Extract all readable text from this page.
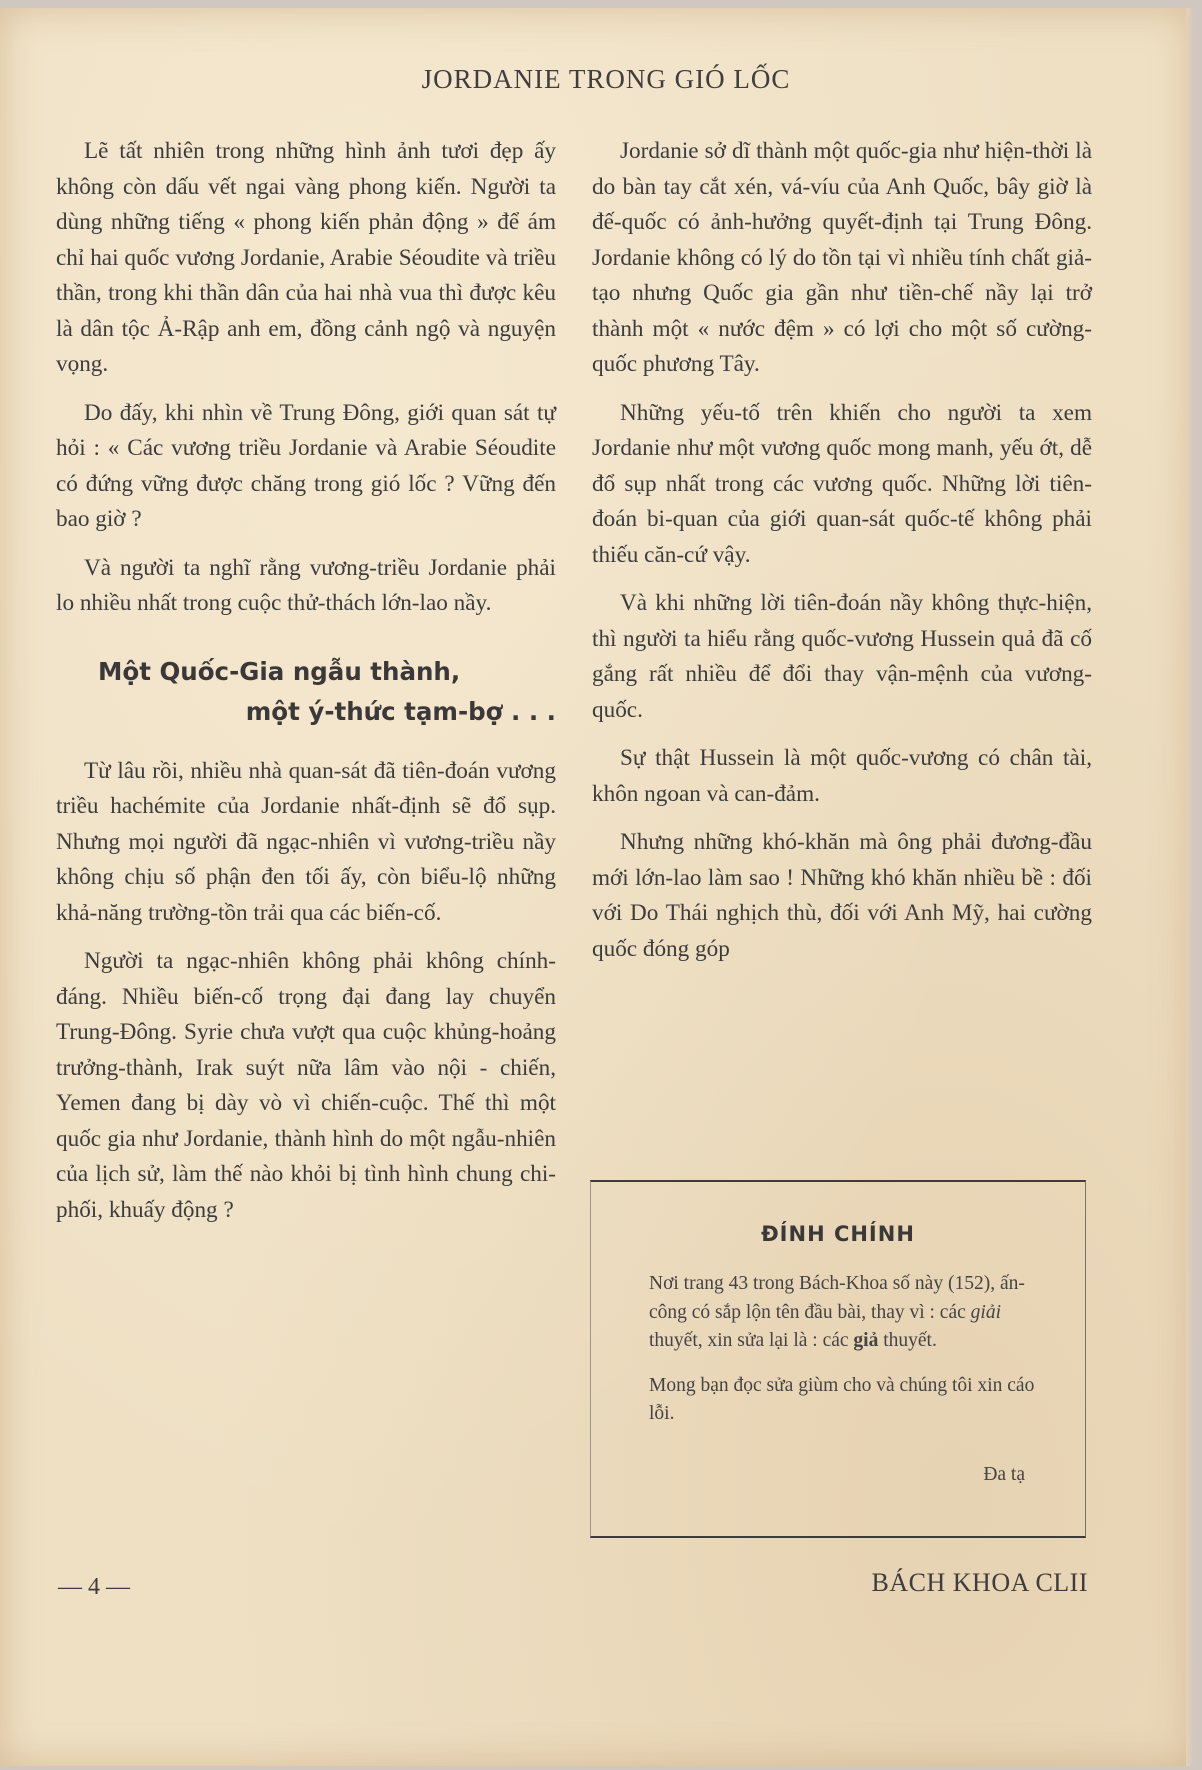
JORDANIE TRONG GIÓ LỐC

Lẽ tất nhiên trong những hình ảnh tươi đẹp ấy không còn dấu vết ngai vàng phong kiến. Người ta dùng những tiếng « phong kiến phản động » để ám chỉ hai quốc vương Jordanie, Arabie Séoudite và triều thần, trong khi thần dân của hai nhà vua thì được kêu là dân tộc Ả-Rập anh em, đồng cảnh ngộ và nguyện vọng.

Do đấy, khi nhìn về Trung Đông, giới quan sát tự hỏi : « Các vương triều Jordanie và Arabie Séoudite có đứng vững được chăng trong gió lốc ? Vững đến bao giờ ?

Và người ta nghĩ rằng vương-triều Jordanie phải lo nhiều nhất trong cuộc thử-thách lớn-lao nầy.

Một Quốc-Gia ngẫu thành,
một ý-thức tạm-bợ . . .

Từ lâu rồi, nhiều nhà quan-sát đã tiên-đoán vương triều hachémite của Jordanie nhất-định sẽ đổ sụp. Nhưng mọi người đã ngạc-nhiên vì vương-triều nầy không chịu số phận đen tối ấy, còn biểu-lộ những khả-năng trường-tồn trải qua các biến-cố.

Người ta ngạc-nhiên không phải không chính-đáng. Nhiều biến-cố trọng đại đang lay chuyển Trung-Đông. Syrie chưa vượt qua cuộc khủng-hoảng trưởng-thành, Irak suýt nữa lâm vào nội - chiến, Yemen đang bị dày vò vì chiến-cuộc. Thế thì một quốc gia như Jordanie, thành hình do một ngẫu-nhiên của lịch sử, làm thế nào khỏi bị tình hình chung chi-phối, khuấy động ?

Jordanie sở dĩ thành một quốc-gia như hiện-thời là do bàn tay cắt xén, vá-víu của Anh Quốc, bây giờ là đế-quốc có ảnh-hưởng quyết-định tại Trung Đông. Jordanie không có lý do tồn tại vì nhiều tính chất giả-tạo nhưng Quốc gia gần như tiền-chế nầy lại trở thành một « nước đệm » có lợi cho một số cường-quốc phương Tây.

Những yếu-tố trên khiến cho người ta xem Jordanie như một vương quốc mong manh, yếu ớt, dễ đổ sụp nhất trong các vương quốc. Những lời tiên-đoán bi-quan của giới quan-sát quốc-tế không phải thiếu căn-cứ vậy.

Và khi những lời tiên-đoán nầy không thực-hiện, thì người ta hiểu rằng quốc-vương Hussein quả đã cố gắng rất nhiều để đổi thay vận-mệnh của vương-quốc.

Sự thật Hussein là một quốc-vương có chân tài, khôn ngoan và can-đảm.

Nhưng những khó-khăn mà ông phải đương-đầu mới lớn-lao làm sao ! Những khó khăn nhiều bề : đối với Do Thái nghịch thù, đối với Anh Mỹ, hai cường quốc đóng góp

ĐÍNH CHÍNH

Nơi trang 43 trong Bách-Khoa số này (152), ấn-công có sắp lộn tên đầu bài, thay vì : các giải thuyết, xin sửa lại là : các giả thuyết.

Mong bạn đọc sửa giùm cho và chúng tôi xin cáo lỗi.

Đa tạ
— 4 —	BÁCH KHOA CLII
